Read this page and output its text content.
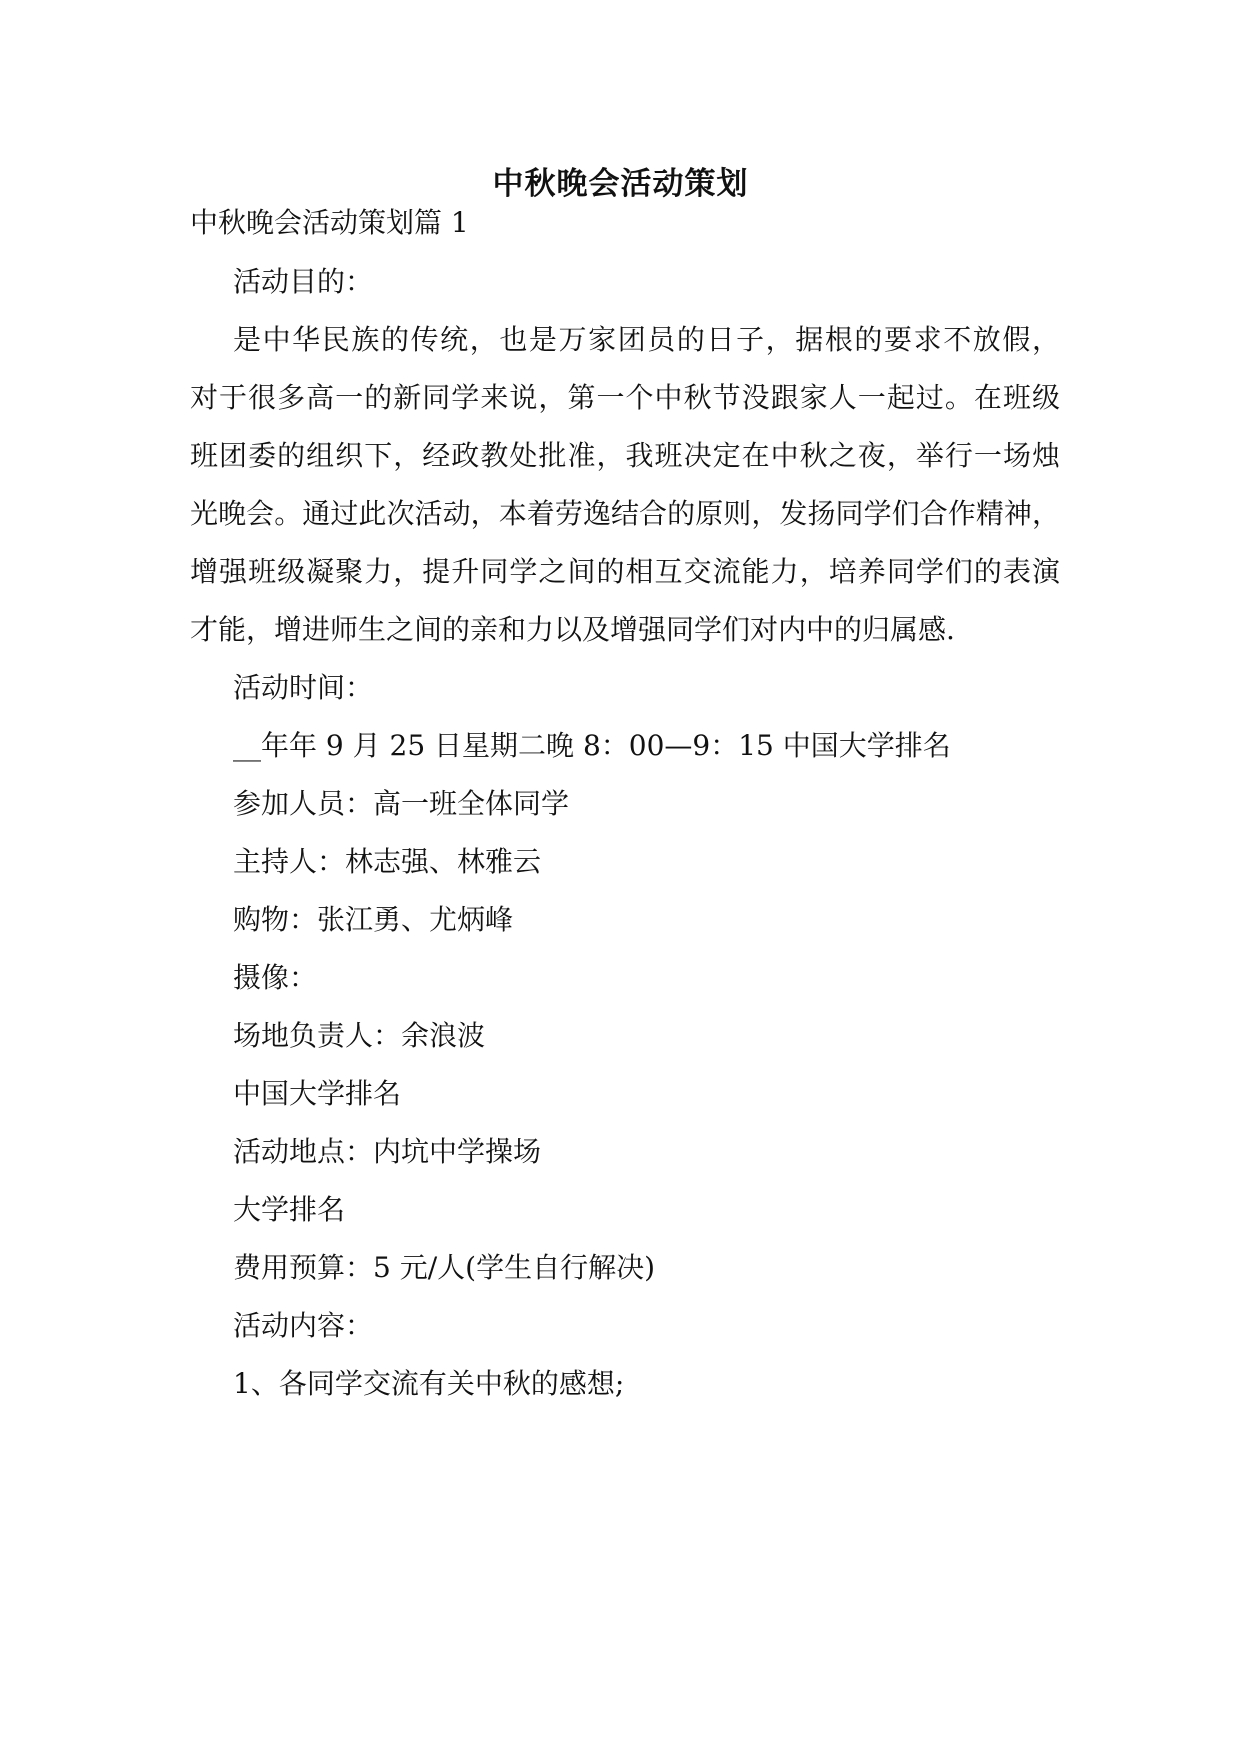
中秋晚会活动策划
中秋晚会活动策划篇 1
活动目的：
是中华民族的传统，也是万家团员的日子，据根的要求不放假，
对于很多高一的新同学来说，第一个中秋节没跟家人一起过。在班级
班团委的组织下，经政教处批准，我班决定在中秋之夜，举行一场烛
光晚会。通过此次活动，本着劳逸结合的原则，发扬同学们合作精神，
增强班级凝聚力，提升同学之间的相互交流能力，培养同学们的表演
才能，增进师生之间的亲和力以及增强同学们对内中的归属感.
活动时间：
__年年 9 月 25 日星期二晚 8：00—9：15 中国大学排名
参加人员：高一班全体同学
主持人：林志强、林雅云
购物：张江勇、尤炳峰
摄像：
场地负责人：余浪波
中国大学排名
活动地点：内坑中学操场
大学排名
费用预算：5 元/人(学生自行解决)
活动内容：
1、各同学交流有关中秋的感想;
